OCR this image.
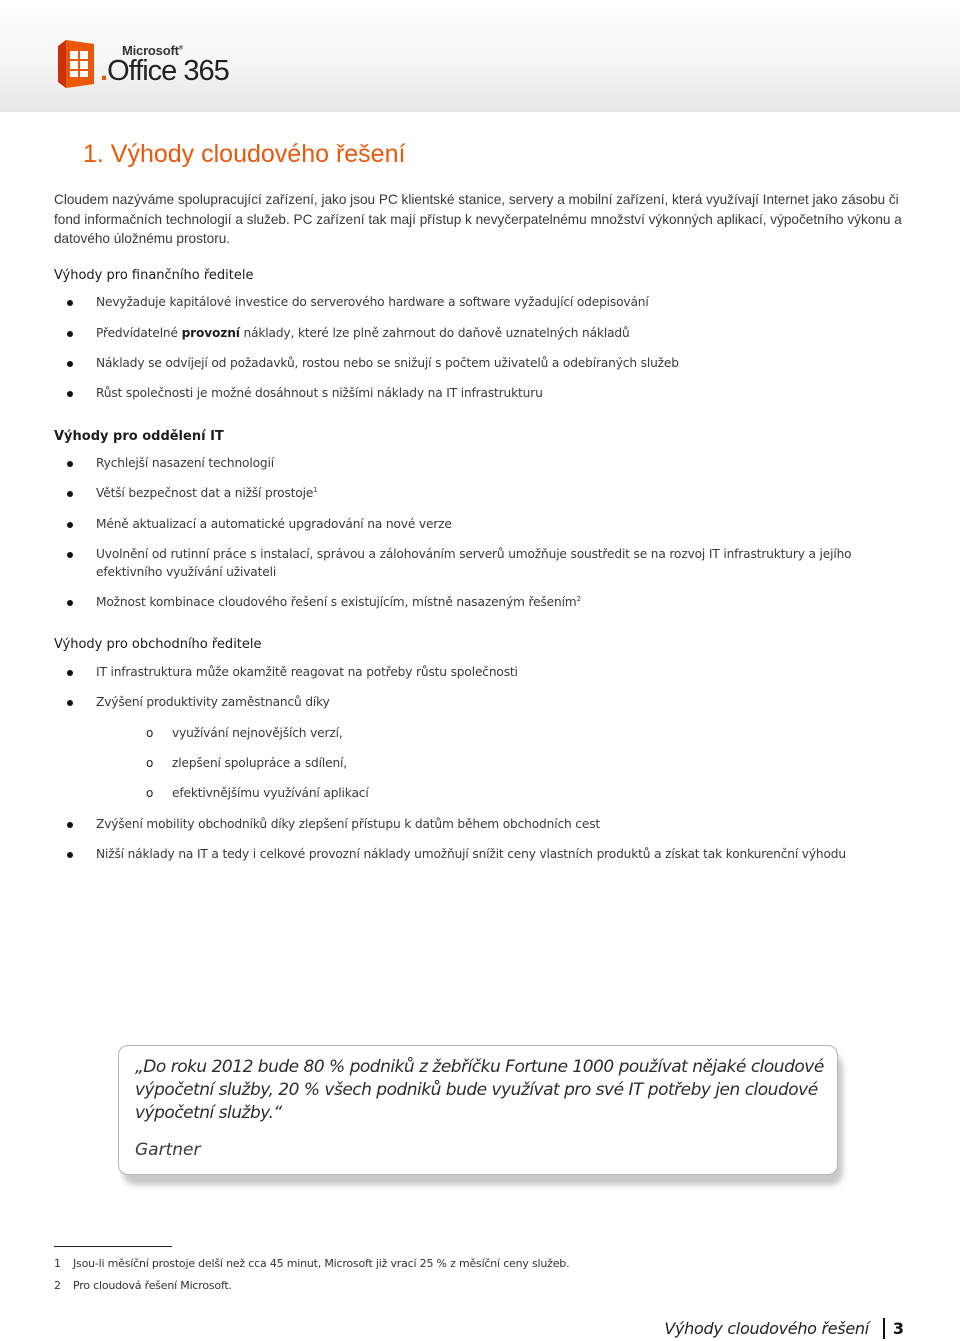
Microsoft®
.Office 365
1. Výhody cloudového řešení

Cloudem nazýváme spolupracující zařízení, jako jsou PC klientské stanice, servery a mobilní zařízení, která využívají Internet jako zásobu či fond informačních technologií a služeb. PC zařízení tak mají přístup k nevyčerpatelnému množství výkonných aplikací, výpočetního výkonu a datového úložnému prostoru.

Výhody pro finančního ředitele
Nevyžaduje kapitálové investice do serverového hardware a software vyžadující odepisování
Předvídatelné provozní náklady, které lze plně zahrnout do daňově uznatelných nákladů
Náklady se odvíjejí od požadavků, rostou nebo se snižují s počtem uživatelů a odebíraných služeb
Růst společnosti je možné dosáhnout s nižšími náklady na IT infrastrukturu
Výhody pro oddělení IT
Rychlejší nasazení technologií
Větší bezpečnost dat a nižší prostoje$^1$
Méně aktualizací a automatické upgradování na nové verze
Uvolnění od rutinní práce s instalací, správou a zálohováním serverů umožňuje soustředit se na rozvoj IT infrastruktury a jejího efektivního využívání uživateli
Možnost kombinace cloudového řešení s existujícím, místně nasazeným řešením$^2$
Výhody pro obchodního ředitele
IT infrastruktura může okamžitě reagovat na potřeby růstu společnosti
Zvýšení produktivity zaměstnanců díky
o využívání nejnovějších verzí,
o zlepšení spolupráce a sdílení,
o efektivnějšímu využívání aplikací
Zvýšení mobility obchodníků díky zlepšení přístupu k datům během obchodních cest
Nižší náklady na IT a tedy i celkové provozní náklady umožňují snížit ceny vlastních produktů a získat tak konkurenční výhodu

„Do roku 2012 bude 80 % podniků z žebříčku Fortune 1000 používat nějaké cloudové výpočetní služby, 20 % všech podniků bude využívat pro své IT potřeby jen cloudové výpočetní služby.“

Gartner

1 Jsou-li měsíční prostoje delší než cca 45 minut, Microsoft již vrací 25 % z měsíční ceny služeb.
2 Pro cloudová řešení Microsoft.
Výhody cloudového řešení 3
